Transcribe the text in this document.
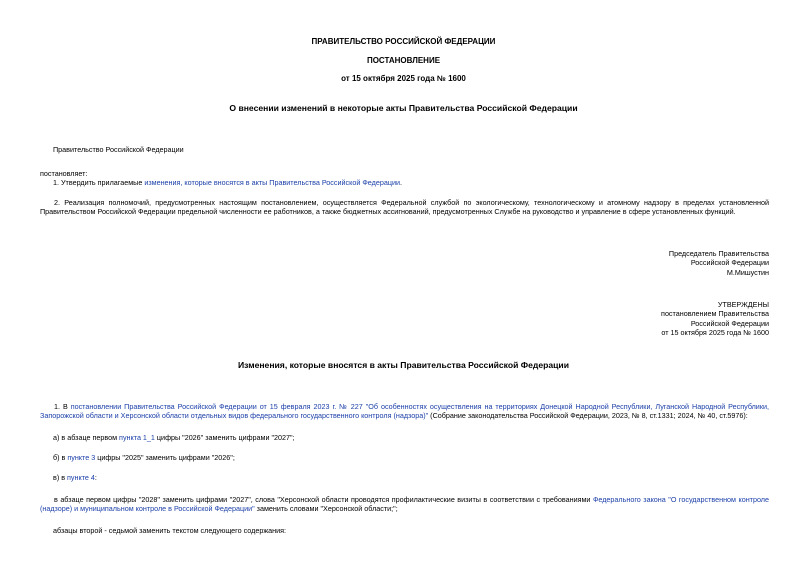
ПРАВИТЕЛЬСТВО РОССИЙСКОЙ ФЕДЕРАЦИИ
ПОСТАНОВЛЕНИЕ
от 15 октября 2025 года № 1600
О внесении изменений в некоторые акты Правительства Российской Федерации
Правительство Российской Федерации
постановляет:
1. Утвердить прилагаемые изменения, которые вносятся в акты Правительства Российской Федерации.

2. Реализация полномочий, предусмотренных настоящим постановлением, осуществляется Федеральной службой по экологическому, технологическому и атомному надзору в пределах установленной Правительством Российской Федерации предельной численности ее работников, а также бюджетных ассигнований, предусмотренных Службе на руководство и управление в сфере установленных функций.

Председатель Правительства
Российской Федерации
М.Мишустин
УТВЕРЖДЕНЫ
постановлением Правительства
Российской Федерации
от 15 октября 2025 года № 1600
Изменения, которые вносятся в акты Правительства Российской Федерации

1. В постановлении Правительства Российской Федерации от 15 февраля 2023 г. № 227 "Об особенностях осуществления на территориях Донецкой Народной Республики, Луганской Народной Республики, Запорожской области и Херсонской области отдельных видов федерального государственного контроля (надзора)" (Собрание законодательства Российской Федерации, 2023, № 8, ст.1331; 2024, № 40, ст.5976):

а) в абзаце первом пункта 1_1 цифры "2026" заменить цифрами "2027";
б) в пункте 3 цифры "2025" заменить цифрами "2026";
в) в пункте 4:

в абзаце первом цифры "2028" заменить цифрами "2027", слова "Херсонской области проводятся профилактические визиты в соответствии с требованиями Федерального закона "О государственном контроле (надзоре) и муниципальном контроле в Российской Федерации" заменить словами "Херсонской области;";

абзацы второй - седьмой заменить текстом следующего содержания:
